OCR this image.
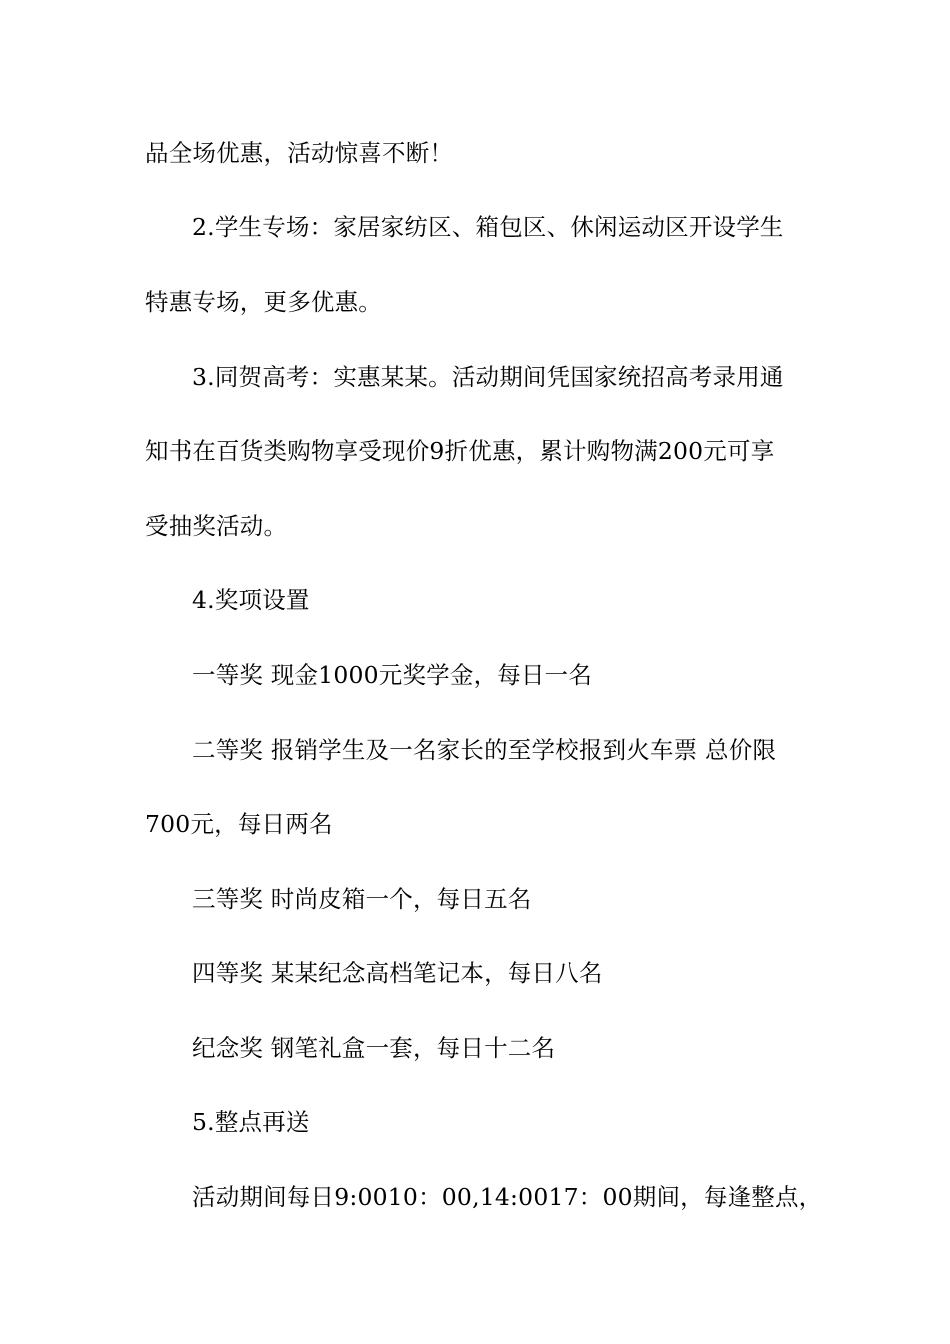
品全场优惠，活动惊喜不断！
2.学生专场：家居家纺区、箱包区、休闲运动区开设学生
特惠专场，更多优惠。
3.同贺高考：实惠某某。活动期间凭国家统招高考录用通
知书在百货类购物享受现价9折优惠，累计购物满200元可享
受抽奖活动。
4.奖项设置
一等奖 现金1000元奖学金，每日一名
二等奖 报销学生及一名家长的至学校报到火车票 总价限
700元，每日两名
三等奖 时尚皮箱一个，每日五名
四等奖 某某纪念高档笔记本，每日八名
纪念奖 钢笔礼盒一套，每日十二名
5.整点再送
活动期间每日9:0010：00,14:0017：00期间，每逢整点，
